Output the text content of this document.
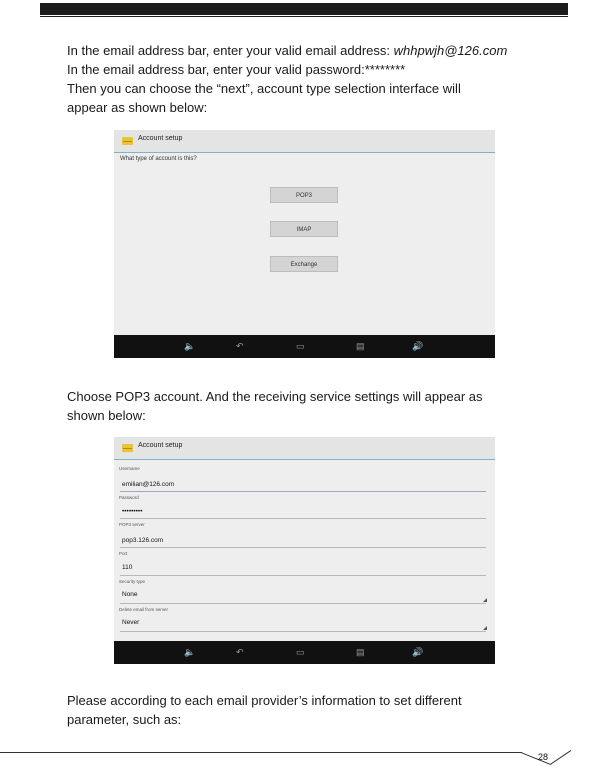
In the email address bar, enter your valid email address: whhpwjh@126.com

In the email address bar, enter your valid password:********

Then you can choose the “next”, account type selection interface will

appear as shown below:

Account setup
What type of account is this?
POP3
IMAP
Exchange
🔈	↶	▭	▤	🔊

Choose POP3 account. And the receiving service settings will appear as

shown below:

Account setup
Username
emilian@126.com
Password
•••••••••
POP3 server
pop3.126.com
Port
110
Security type
None
Delete email from server
Never
🔈	↶	▭	▤	🔊

Please according to each email provider’s information to set different

parameter, such as:

28
